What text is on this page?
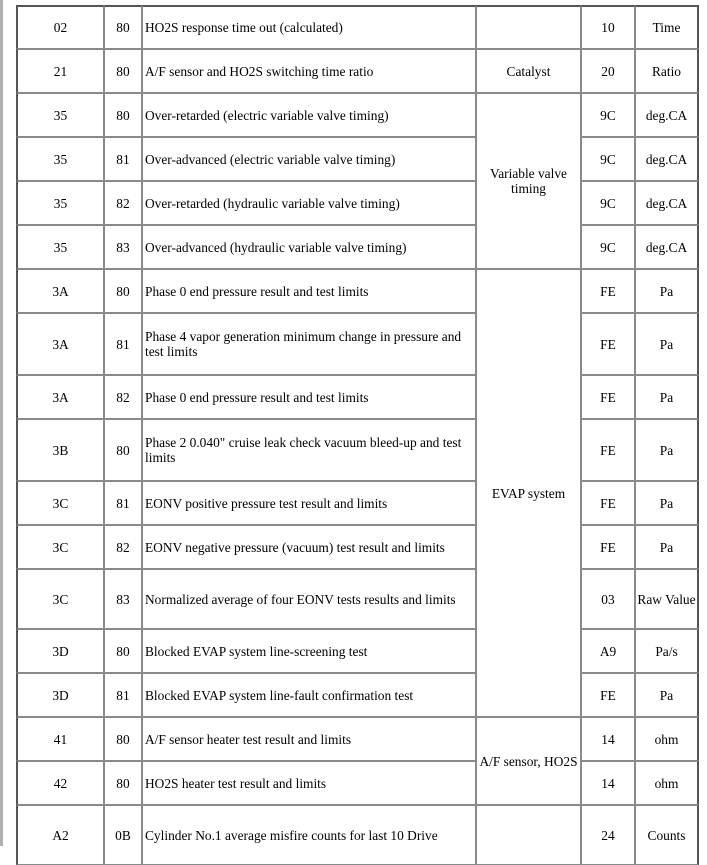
02	80	HO2S response time out (calculated)		10	Time
21	80	A/F sensor and HO2S switching time ratio	Catalyst	20	Ratio
35	80	Over-retarded (electric variable valve timing)	Variable valve timing	9C	deg.CA
35	81	Over-advanced (electric variable valve timing)		9C	deg.CA
35	82	Over-retarded (hydraulic variable valve timing)		9C	deg.CA
35	83	Over-advanced (hydraulic variable valve timing)		9C	deg.CA
3A	80	Phase 0 end pressure result and test limits	EVAP system	FE	Pa
3A	81	Phase 4 vapor generation minimum change in pressure and test limits		FE	Pa
3A	82	Phase 0 end pressure result and test limits		FE	Pa
3B	80	Phase 2 0.040" cruise leak check vacuum bleed-up and test limits		FE	Pa
3C	81	EONV positive pressure test result and limits		FE	Pa
3C	82	EONV negative pressure (vacuum) test result and limits		FE	Pa
3C	83	Normalized average of four EONV tests results and limits		03	Raw Value
3D	80	Blocked EVAP system line-screening test		A9	Pa/s
3D	81	Blocked EVAP system line-fault confirmation test		FE	Pa
41	80	A/F sensor heater test result and limits	A/F sensor, HO2S	14	ohm
42	80	HO2S heater test result and limits		14	ohm
A2	0B	Cylinder No.1 average misfire counts for last 10 Drive		24	Counts
